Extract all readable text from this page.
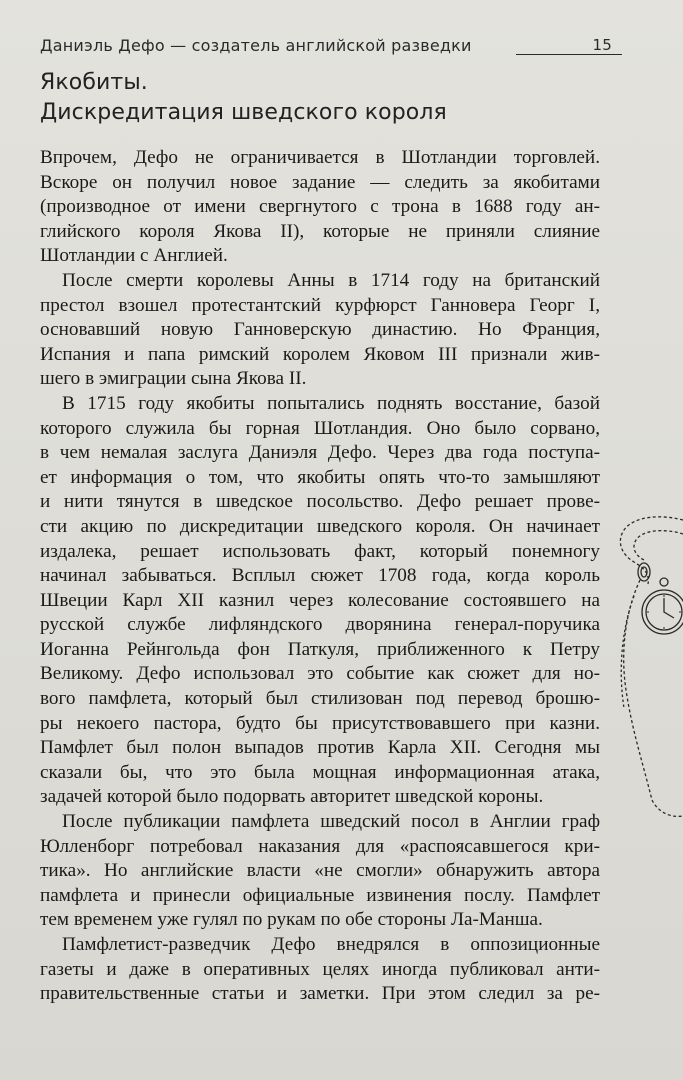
Даниэль Дефо — создатель английской разведки	15
Якобиты.
Дискредитация шведского короля
Впрочем, Дефо не ограничивается в Шотландии торговлей.
Вскоре он получил новое задание — следить за якобитами
(производное от имени свергнутого с трона в 1688 году ан-
глийского короля Якова II), которые не приняли слияние
Шотландии с Англией.
После смерти королевы Анны в 1714 году на британский
престол взошел протестантский курфюрст Ганновера Георг I,
основавший новую Ганноверскую династию. Но Франция,
Испания и папа римский королем Яковом III признали жив-
шего в эмиграции сына Якова II.
В 1715 году якобиты попытались поднять восстание, базой
которого служила бы горная Шотландия. Оно было сорвано,
в чем немалая заслуга Даниэля Дефо. Через два года поступа-
ет информация о том, что якобиты опять что-то замышляют
и нити тянутся в шведское посольство. Дефо решает прове-
сти акцию по дискредитации шведского короля. Он начинает
издалека, решает использовать факт, который понемногу
начинал забываться. Всплыл сюжет 1708 года, когда король
Швеции Карл XII казнил через колесование состоявшего на
русской службе лифляндского дворянина генерал-поручика
Иоганна Рейнгольда фон Паткуля, приближенного к Петру
Великому. Дефо использовал это событие как сюжет для но-
вого памфлета, который был стилизован под перевод брошю-
ры некоего пастора, будто бы присутствовавшего при казни.
Памфлет был полон выпадов против Карла XII. Сегодня мы
сказали бы, что это была мощная информационная атака,
задачей которой было подорвать авторитет шведской короны.
После публикации памфлета шведский посол в Англии граф
Юлленборг потребовал наказания для «распоясавшегося кри-
тика». Но английские власти «не смогли» обнаружить автора
памфлета и принесли официальные извинения послу. Памфлет
тем временем уже гулял по рукам по обе стороны Ла-Манша.
Памфлетист-разведчик Дефо внедрялся в оппозиционные
газеты и даже в оперативных целях иногда публиковал анти-
правительственные статьи и заметки. При этом следил за ре-
